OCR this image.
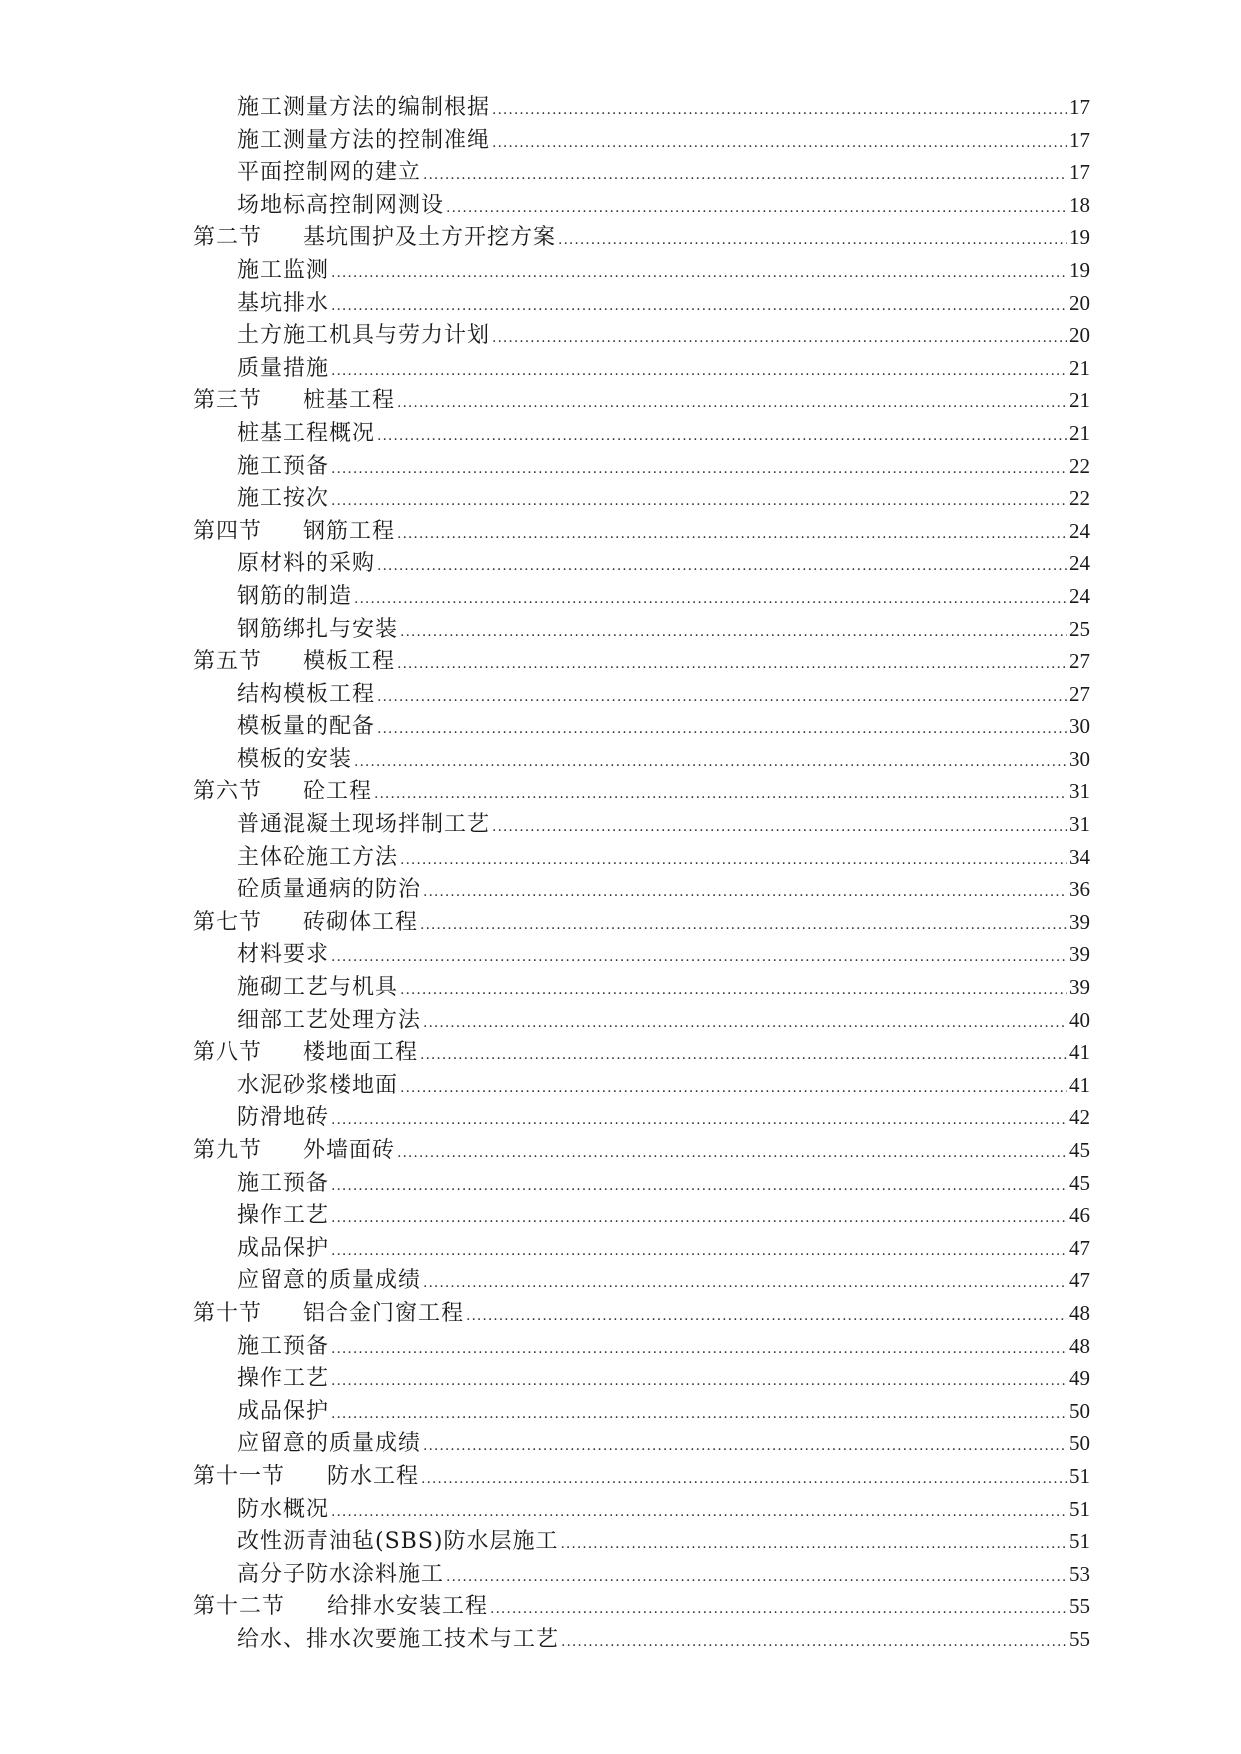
施工测量方法的编制根据 .....	17
施工测量方法的控制准绳 .....	17
平面控制网的建立 .....	17
场地标高控制网测设 .....	18
第二节	基坑围护及土方开挖方案 .....	19
施工监测 .....	19
基坑排水 .....	20
土方施工机具与劳力计划 .....	20
质量措施 .....	21
第三节	桩基工程 .....	21
桩基工程概况 .....	21
施工预备 .....	22
施工按次 .....	22
第四节	钢筋工程 .....	24
原材料的采购 .....	24
钢筋的制造 .....	24
钢筋绑扎与安装 .....	25
第五节	模板工程 .....	27
结构模板工程 .....	27
模板量的配备 .....	30
模板的安装 .....	30
第六节	砼工程 .....	31
普通混凝土现场拌制工艺 .....	31
主体砼施工方法 .....	34
砼质量通病的防治 .....	36
第七节	砖砌体工程 .....	39
材料要求 .....	39
施砌工艺与机具 .....	39
细部工艺处理方法 .....	40
第八节	楼地面工程 .....	41
水泥砂浆楼地面 .....	41
防滑地砖 .....	42
第九节	外墙面砖 .....	45
施工预备 .....	45
操作工艺 .....	46
成品保护 .....	47
应留意的质量成绩 .....	47
第十节	铝合金门窗工程 .....	48
施工预备 .....	48
操作工艺 .....	49
成品保护 .....	50
应留意的质量成绩 .....	50
第十一节	防水工程 .....	51
防水概况 .....	51
改性沥青油毡(SBS)防水层施工 .....	51
高分子防水涂料施工 .....	53
第十二节	给排水安装工程 .....	55
给水、排水次要施工技术与工艺 .....	55
